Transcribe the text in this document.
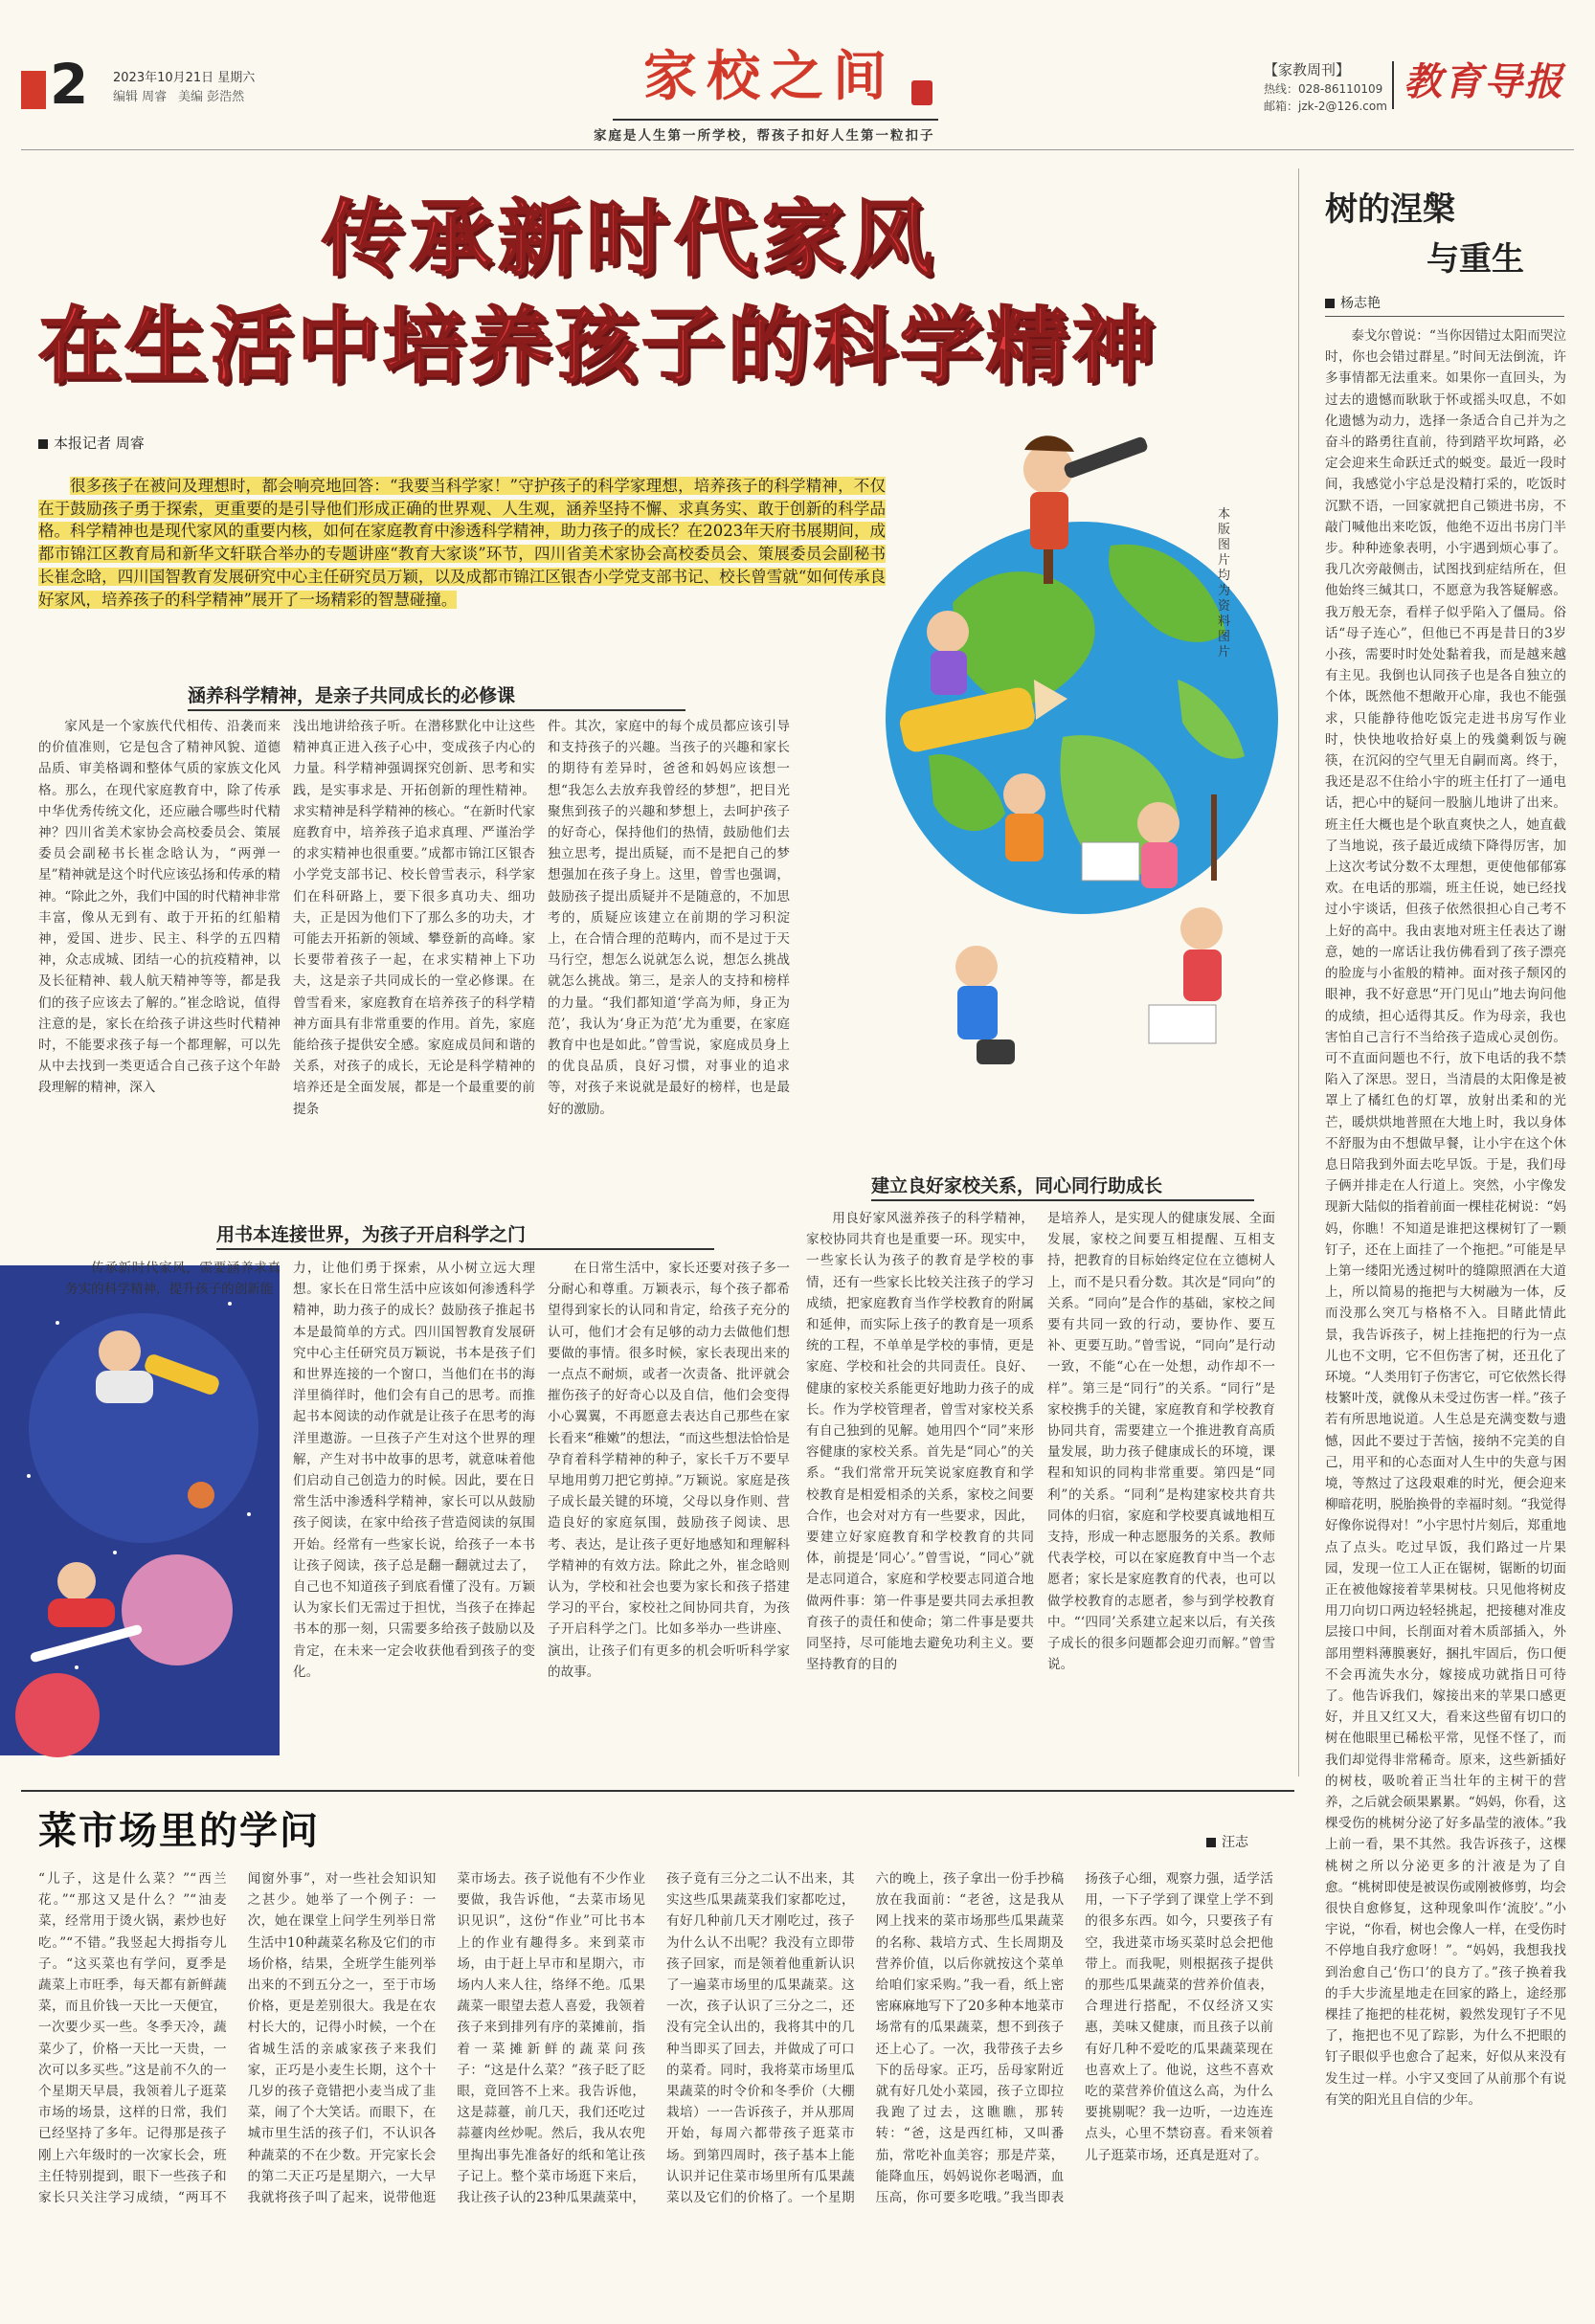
2 2023年10月21日 星期六
编辑 周睿 美编 彭浩然	家校之间
家庭是人生第一所学校，帮孩子扣好人生第一粒扣子
【家教周刊】
热线：028-86110109
邮箱：jzk-2@126.com
教育导报
传承新时代家风
在生活中培养孩子的科学精神
本报记者 周睿
很多孩子在被问及理想时，都会响亮地回答：“我要当科学家！”守护孩子的科学家理想，培养孩子的科学精神，不仅在于鼓励孩子勇于探索，更重要的是引导他们形成正确的世界观、人生观，涵养坚持不懈、求真务实、敢于创新的科学品格。科学精神也是现代家风的重要内核，如何在家庭教育中渗透科学精神，助力孩子的成长？在2023年天府书展期间，成都市锦江区教育局和新华文轩联合举办的专题讲座“教育大家谈”环节，四川省美术家协会高校委员会、策展委员会副秘书长崔念晗，四川国智教育发展研究中心主任研究员万颖，以及成都市锦江区银杏小学党支部书记、校长曾雪就“如何传承良好家风，培养孩子的科学精神”展开了一场精彩的智慧碰撞。
本版图片均为资料图片
涵养科学精神，是亲子共同成长的必修课

家风是一个家族代代相传、沿袭而来的价值准则，它是包含了精神风貌、道德品质、审美格调和整体气质的家族文化风格。那么，在现代家庭教育中，除了传承中华优秀传统文化，还应融合哪些时代精神？四川省美术家协会高校委员会、策展委员会副秘书长崔念晗认为，“两弹一星”精神就是这个时代应该弘扬和传承的精神。“除此之外，我们中国的时代精神非常丰富，像从无到有、敢于开拓的红船精神，爱国、进步、民主、科学的五四精神，众志成城、团结一心的抗疫精神，以及长征精神、载人航天精神等等，都是我们的孩子应该去了解的。”崔念晗说，值得注意的是，家长在给孩子讲这些时代精神时，不能要求孩子每一个都理解，可以先从中去找到一类更适合自己孩子这个年龄段理解的精神，深入

浅出地讲给孩子听。在潜移默化中让这些精神真正进入孩子心中，变成孩子内心的力量。科学精神强调探究创新、思考和实践，是实事求是、开拓创新的理性精神。求实精神是科学精神的核心。“在新时代家庭教育中，培养孩子追求真理、严谨治学的求实精神也很重要。”成都市锦江区银杏小学党支部书记、校长曾雪表示，科学家们在科研路上，要下很多真功夫、细功夫，正是因为他们下了那么多的功夫，才可能去开拓新的领域、攀登新的高峰。家长要带着孩子一起，在求实精神上下功夫，这是亲子共同成长的一堂必修课。在曾雪看来，家庭教育在培养孩子的科学精神方面具有非常重要的作用。首先，家庭能给孩子提供安全感。家庭成员间和谐的关系，对孩子的成长，无论是科学精神的培养还是全面发展，都是一个最重要的前提条

件。其次，家庭中的每个成员都应该引导和支持孩子的兴趣。当孩子的兴趣和家长的期待有差异时，爸爸和妈妈应该想一想“我怎么去放弃我曾经的梦想”，把目光聚焦到孩子的兴趣和梦想上，去呵护孩子的好奇心，保持他们的热情，鼓励他们去独立思考，提出质疑，而不是把自己的梦想强加在孩子身上。这里，曾雪也强调，鼓励孩子提出质疑并不是随意的，不加思考的，质疑应该建立在前期的学习积淀上，在合情合理的范畴内，而不是过于天马行空，想怎么说就怎么说，想怎么挑战就怎么挑战。第三，是亲人的支持和榜样的力量。“我们都知道‘学高为师，身正为范’，我认为‘身正为范’尤为重要，在家庭教育中也是如此。”曾雪说，家庭成员身上的优良品质，良好习惯，对事业的追求等，对孩子来说就是最好的榜样，也是最好的激励。

用书本连接世界，为孩子开启科学之门

传承新时代家风，需要涵养求真务实的科学精神，提升孩子的创新能

力，让他们勇于探索，从小树立远大理想。家长在日常生活中应该如何渗透科学精神，助力孩子的成长？鼓励孩子推起书本是最简单的方式。四川国智教育发展研究中心主任研究员万颖说，书本是孩子们和世界连接的一个窗口，当他们在书的海洋里徜徉时，他们会有自己的思考。而推起书本阅读的动作就是让孩子在思考的海洋里遨游。一旦孩子产生对这个世界的理解，产生对书中故事的思考，就意味着他们启动自己创造力的时候。因此，要在日常生活中渗透科学精神，家长可以从鼓励孩子阅读，在家中给孩子营造阅读的氛围开始。经常有一些家长说，给孩子一本书让孩子阅读，孩子总是翻一翻就过去了，自己也不知道孩子到底看懂了没有。万颖认为家长们无需过于担忧，当孩子在捧起书本的那一刻，只需要多给孩子鼓励以及肯定，在未来一定会收获他看到孩子的变化。

在日常生活中，家长还要对孩子多一分耐心和尊重。万颖表示，每个孩子都希望得到家长的认同和肯定，给孩子充分的认可，他们才会有足够的动力去做他们想要做的事情。很多时候，家长表现出来的一点点不耐烦，或者一次责备、批评就会摧伤孩子的好奇心以及自信，他们会变得小心翼翼，不再愿意去表达自己那些在家长看来“稚嫩”的想法，“而这些想法恰恰是孕育着科学精神的种子，家长千万不要早早地用剪刀把它剪掉。”万颖说。家庭是孩子成长最关键的环境，父母以身作则、营造良好的家庭氛围，鼓励孩子阅读、思考、表达，是让孩子更好地感知和理解科学精神的有效方法。除此之外，崔念晗则认为，学校和社会也要为家长和孩子搭建学习的平台，家校社之间协同共育，为孩子开启科学之门。比如多举办一些讲座、演出，让孩子们有更多的机会听听科学家的故事。

建立良好家校关系，同心同行助成长

用良好家风滋养孩子的科学精神，家校协同共育也是重要一环。现实中，一些家长认为孩子的教育是学校的事情，还有一些家长比较关注孩子的学习成绩，把家庭教育当作学校教育的附属和延伸，而实际上孩子的教育是一项系统的工程，不单单是学校的事情，更是家庭、学校和社会的共同责任。良好、健康的家校关系能更好地助力孩子的成长。作为学校管理者，曾雪对家校关系有自己独到的见解。她用四个“同”来形容健康的家校关系。首先是“同心”的关系。“我们常常开玩笑说家庭教育和学校教育是相爱相杀的关系，家校之间要合作，也会对对方有一些要求，因此，要建立好家庭教育和学校教育的共同体，前提是‘同心’。”曾雪说，“同心”就是志同道合，家庭和学校要志同道合地做两件事：第一件事是要共同去承担教育孩子的责任和使命；第二件事是要共同坚持，尽可能地去避免功利主义。要坚持教育的目的

是培养人，是实现人的健康发展、全面发展，家校之间要互相提醒、互相支持，把教育的目标始终定位在立德树人上，而不是只看分数。其次是“同向”的关系。“同向”是合作的基础，家校之间要有共同一致的行动，要协作、要互补、更要互助。”曾雪说，“同向”是行动一致，不能“心在一处想，动作却不一样”。第三是“同行”的关系。“同行”是家校携手的关键，家庭教育和学校教育协同共育，需要建立一个推进教育高质量发展，助力孩子健康成长的环境，课程和知识的同构非常重要。第四是“同利”的关系。“同利”是构建家校共育共同体的归宿，家庭和学校要真诚地相互支持，形成一种志愿服务的关系。教师代表学校，可以在家庭教育中当一个志愿者；家长是家庭教育的代表，也可以做学校教育的志愿者，参与到学校教育中。“‘四同’关系建立起来以后，有关孩子成长的很多问题都会迎刃而解。”曾雪说。

树的涅槃
与重生
杨志艳

泰戈尔曾说：“当你因错过太阳而哭泣时，你也会错过群星。”时间无法倒流，许多事情都无法重来。如果你一直回头，为过去的遗憾而耿耿于怀或摇头叹息，不如化遗憾为动力，选择一条适合自己并为之奋斗的路勇往直前，待到踏平坎坷路，必定会迎来生命跃迁式的蜕变。最近一段时间，我感觉小宇总是没精打采的，吃饭时沉默不语，一回家就把自己锁进书房，不敲门喊他出来吃饭，他绝不迈出书房门半步。种种迹象表明，小宇遇到烦心事了。我几次旁敲侧击，试图找到症结所在，但他始终三缄其口，不愿意为我答疑解惑。我万般无奈，看样子似乎陷入了僵局。俗话“母子连心”，但他已不再是昔日的3岁小孩，需要时时处处黏着我，而是越来越有主见。我倒也认同孩子也是各自独立的个体，既然他不想敞开心扉，我也不能强求，只能静待他吃饭完走进书房写作业时，快快地收拾好桌上的残羹剩饭与碗筷，在沉闷的空气里无自嗣而离。终于，我还是忍不住给小宇的班主任打了一通电话，把心中的疑问一股脑儿地讲了出来。班主任大概也是个耿直爽快之人，她直截了当地说，孩子最近成绩下降得厉害，加上这次考试分数不太理想，更使他郁郁寡欢。在电话的那端，班主任说，她已经找过小宇谈话，但孩子依然很担心自己考不上好的高中。我由衷地对班主任表达了谢意，她的一席话让我仿佛看到了孩子漂亮的脸庞与小雀般的精神。面对孩子颓冈的眼神，我不好意思“开门见山”地去询问他的成绩，担心适得其反。作为母亲，我也害怕自己言行不当给孩子造成心灵创伤。可不直面问题也不行，放下电话的我不禁陷入了深思。翌日，当清晨的太阳像是被罩上了橘红色的灯罩，放射出柔和的光芒，暖烘烘地普照在大地上时，我以身体不舒服为由不想做早餐，让小宇在这个休息日陪我到外面去吃早饭。于是，我们母子俩并排走在人行道上。突然，小宇像发现新大陆似的指着前面一棵桂花树说：“妈妈，你瞧！不知道是谁把这棵树钉了一颗钉子，还在上面挂了一个拖把。”可能是早上第一缕阳光透过树叶的缝隙照洒在大道上，所以简易的拖把与大树融为一体，反而没那么突兀与格格不入。目睹此情此景，我告诉孩子，树上挂拖把的行为一点儿也不文明，它不但伤害了树，还丑化了环境。“人类用钉子伤害它，可它依然长得枝繁叶茂，就像从未受过伤害一样。”孩子若有所思地说道。人生总是充满变数与遗憾，因此不要过于苦恼，接纳不完美的自己，用平和的心态面对人生中的失意与困境，等熬过了这段艰难的时光，便会迎来柳暗花明，脱胎换骨的幸福时刻。“我觉得好像你说得对！”小宇思忖片刻后，郑重地点了点头。吃过早饭，我们路过一片果园，发现一位工人正在锯树，锯断的切面正在被他嫁接着苹果树枝。只见他将树皮用刀向切口两边轻轻挑起，把接穗对准皮层接口中间，长削面对着木质部插入，外部用塑料薄膜裹好，捆扎牢固后，伤口便不会再流失水分，嫁接成功就指日可待了。他告诉我们，嫁接出来的苹果口感更好，并且又红又大，看来这些留有切口的树在他眼里已稀松平常，见怪不怪了，而我们却觉得非常稀奇。原来，这些新插好的树枝，吸吮着正当壮年的主树干的营养，之后就会硕果累累。“妈妈，你看，这棵受伤的桃树分泌了好多晶莹的液体。”我上前一看，果不其然。我告诉孩子，这棵桃树之所以分泌更多的汁液是为了自愈。“桃树即使是被误伤或刚被修剪，均会很快自愈修复，这种现象叫作‘流胶’。”小宇说，“你看，树也会像人一样，在受伤时不停地自我疗愈呀！”。“妈妈，我想我找到治愈自己‘伤口’的良方了。”孩子换着我的手大步流星地走在回家的路上，途经那棵挂了拖把的桂花树，毅然发现钉子不见了，拖把也不见了踪影，为什么不把眼的钉子眼似乎也愈合了起来，好似从来没有发生过一样。小宇又变回了从前那个有说有笑的阳光且自信的少年。

菜市场里的学问	汪志

“儿子，这是什么菜？”“西兰花。”“那这又是什么？”“油麦菜，经常用于烫火锅，素炒也好吃。”“不错。”我竖起大拇指夸儿子。“这买菜也有学问，夏季是蔬菜上市旺季，每天都有新鲜蔬菜，而且价钱一天比一天便宜，一次要少买一些。冬季天冷，蔬菜少了，价格一天比一天贵，一次可以多买些。”这是前不久的一个星期天早晨，我领着儿子逛菜市场的场景，这样的日常，我们已经坚持了多年。记得那是孩子刚上六年级时的一次家长会，班主任特别提到，眼下一些孩子和家长只关注学习成绩，“两耳不闻窗外事”，对一些社会知识知之甚少。她举了一个例子：一次，她在课堂上问学生列举日常生活中10种蔬菜名称及它们的市场价格，结果，全班学生能列举出来的不到五分之一，至于市场价格，更是差别很大。我是在农村长大的，记得小时候，一个在省城生活的亲戚家孩子来我们家，正巧是小麦生长期，这个十几岁的孩子竟错把小麦当成了韭菜，闹了个大笑话。而眼下，在城市里生活的孩子们，不认识各种蔬菜的不在少数。开完家长会的第二天正巧是星期六，一大早我就将孩子叫了起来，说带他逛菜市场去。孩子说他有不少作业要做，我告诉他，“去菜市场见识见识”，这份“作业”可比书本上的作业有趣得多。来到菜市场，由于赶上早市和星期六，市场内人来人往，络绎不绝。瓜果蔬菜一眼望去惹人喜爱，我领着孩子来到排列有序的菜摊前，指着一菜摊新鲜的蔬菜问孩子：“这是什么菜？”孩子眨了眨眼，竟回答不上来。我告诉他，这是蒜薹，前几天，我们还吃过蒜薹肉丝炒呢。然后，我从农兜里掏出事先准备好的纸和笔让孩子记上。整个菜市场逛下来后，我让孩子认的23种瓜果蔬菜中，孩子竟有三分之二认不出来，其实这些瓜果蔬菜我们家都吃过，有好几种前几天才刚吃过，孩子为什么认不出呢？我没有立即带孩子回家，而是领着他重新认识了一遍菜市场里的瓜果蔬菜。这一次，孩子认识了三分之二，还没有完全认出的，我将其中的几种当即买了回去，并做成了可口的菜肴。同时，我将菜市场里瓜果蔬菜的时令价和冬季价（大棚栽培）一一告诉孩子，并从那周开始，每周六都带孩子逛菜市场。到第四周时，孩子基本上能认识并记住菜市场里所有瓜果蔬菜以及它们的价格了。一个星期六的晚上，孩子拿出一份手抄稿放在我面前：“老爸，这是我从网上找来的菜市场那些瓜果蔬菜的名称、栽培方式、生长周期及营养价值，以后你就按这个菜单给咱们家采购。”我一看，纸上密密麻麻地写下了20多种本地菜市场常有的瓜果蔬菜，想不到孩子还上心了。一次，我带孩子去乡下的岳母家。正巧，岳母家附近就有好几处小菜园，孩子立即拉我跑了过去，这瞧瞧，那转转：“爸，这是西红柿，又叫番茄，常吃补血美容；那是芹菜，能降血压，妈妈说你老喝酒，血压高，你可要多吃哦。”我当即表扬孩子心细，观察力强，适学活用，一下子学到了课堂上学不到的很多东西。如今，只要孩子有空，我进菜市场买菜时总会把他带上。而我呢，则根据孩子提供的那些瓜果蔬菜的营养价值表，合理进行搭配，不仅经济又实惠，美味又健康，而且孩子以前有好几种不爱吃的瓜果蔬菜现在也喜欢上了。他说，这些不喜欢吃的菜营养价值这么高，为什么要挑剔呢？我一边听，一边连连点头，心里不禁窃喜。看来领着儿子逛菜市场，还真是逛对了。
